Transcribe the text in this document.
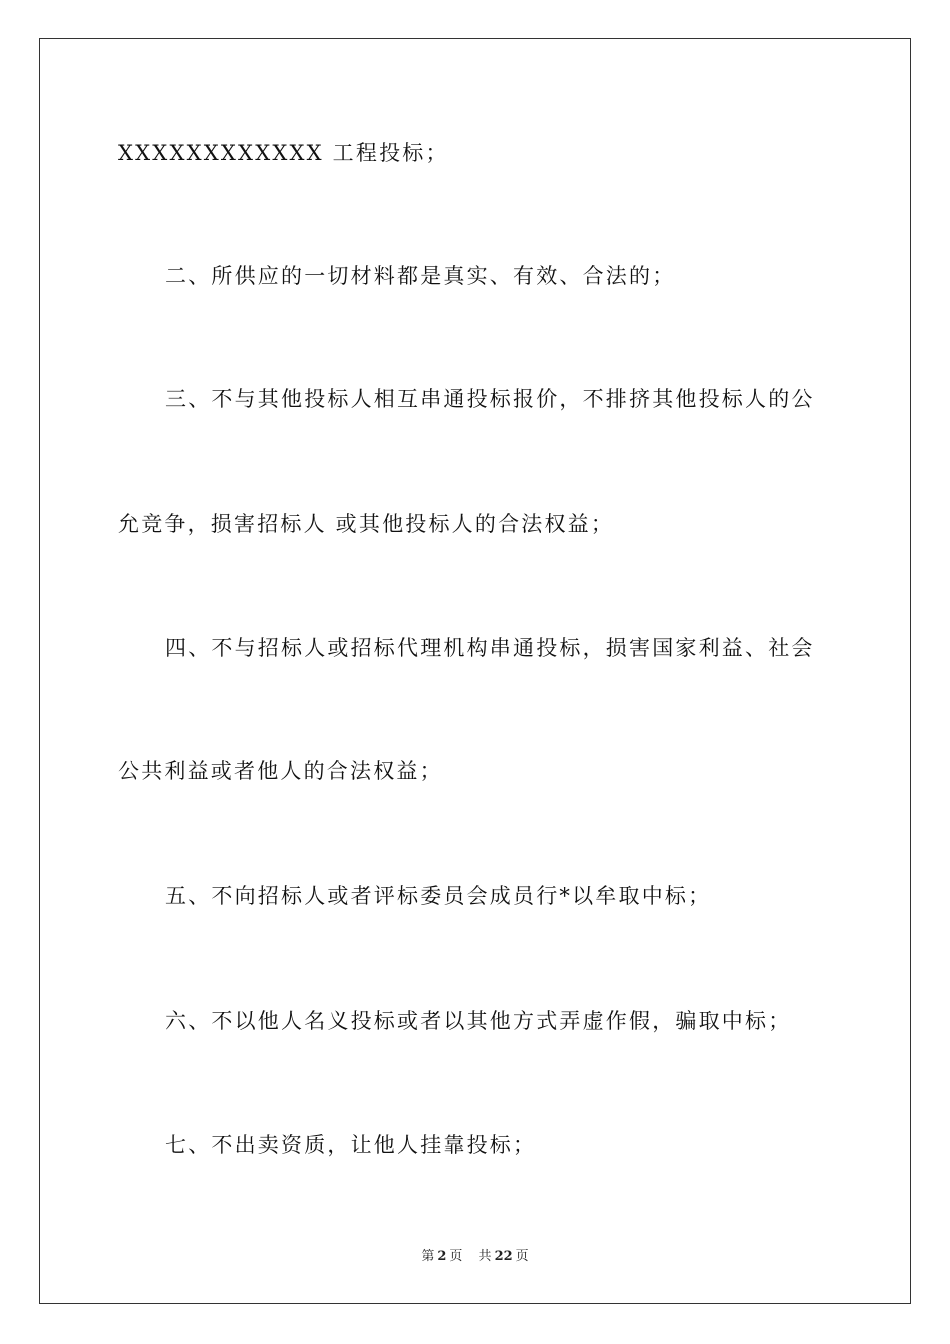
XXXXXXXXXXXX 工程投标；
二、所供应的一切材料都是真实、有效、合法的；
三、不与其他投标人相互串通投标报价，不排挤其他投标人的公
允竞争，损害招标人 或其他投标人的合法权益；
四、不与招标人或招标代理机构串通投标，损害国家利益、社会
公共利益或者他人的合法权益；
五、不向招标人或者评标委员会成员行*以牟取中标；
六、不以他人名义投标或者以其他方式弄虚作假，骗取中标；
七、不出卖资质，让他人挂靠投标；
第 2 页 共 22 页
